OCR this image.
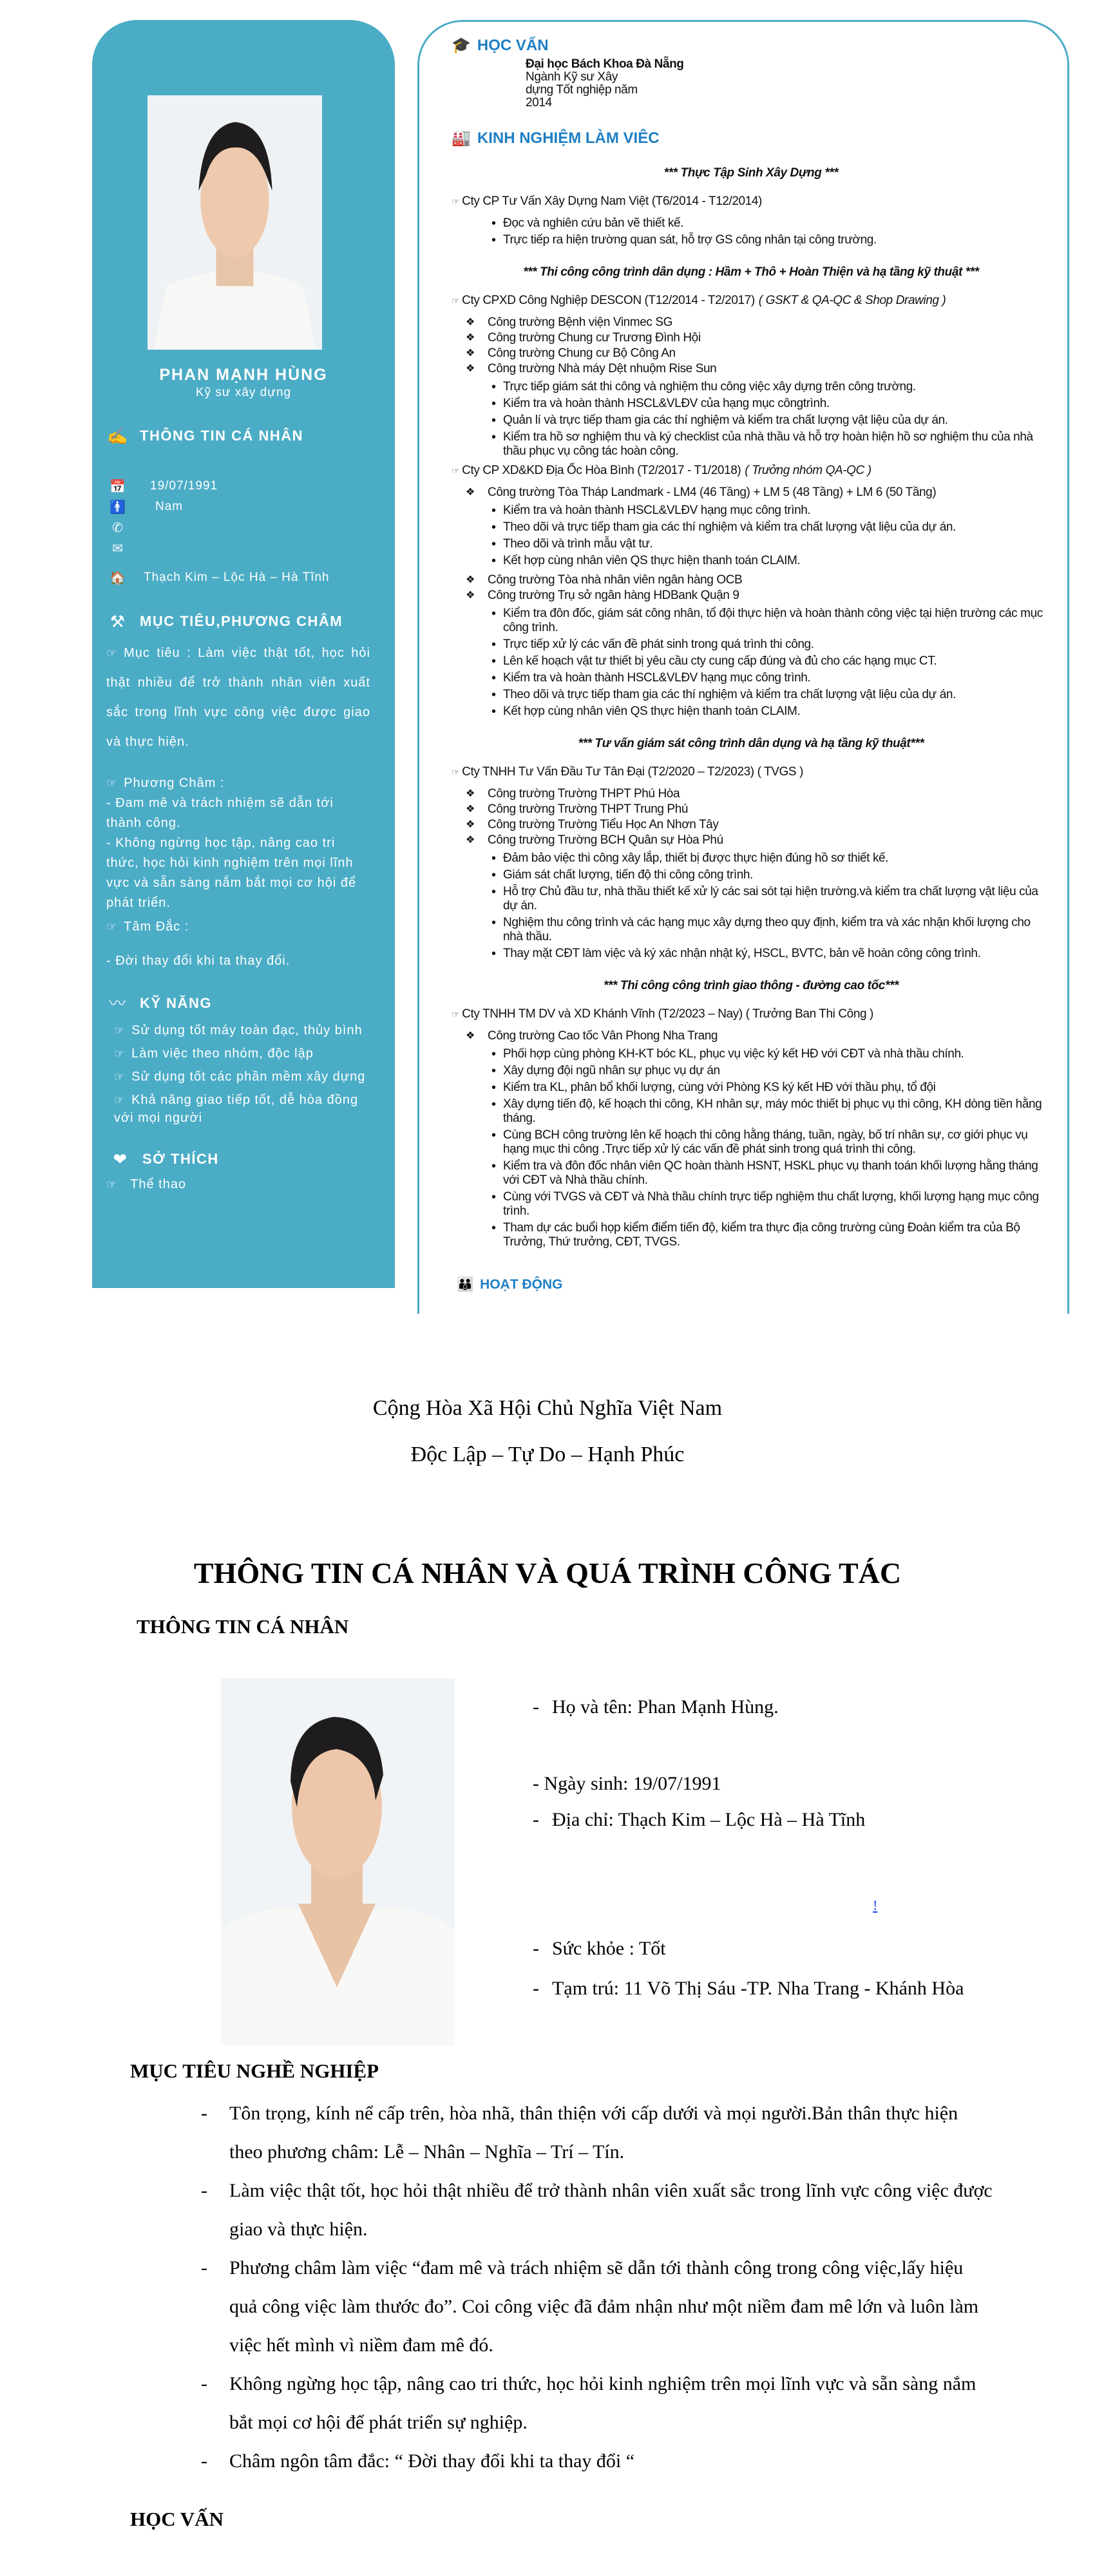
PHAN MẠNH HÙNG
Kỹ sư xây dựng
✍ THÔNG TIN CÁ NHÂN
📅	19/07/1991
🚹	Nam
✆
✉
🏠	Thạch Kim – Lộc Hà – Hà Tĩnh
⚒ MỤC TIÊU,PHƯƠNG CHÂM

☞ Mục tiêu : Làm việc thật tốt, học hỏi thật nhiều để trở thành nhân viên xuất sắc trong lĩnh vực công việc được giao và thực hiện.

☞ Phương Châm :

- Đam mê và trách nhiệm sẽ dẫn tới thành công.

- Không ngừng học tập, nâng cao tri thức, học hỏi kinh nghiệm trên mọi lĩnh vực và sẵn sàng nắm bắt mọi cơ hội để phát triển.

☞ Tâm Đắc :

- Đời thay đổi khi ta thay đổi.

〰 KỸ NĂNG

☞ Sử dụng tốt máy toàn đạc, thủy bình

☞ Làm việc theo nhóm, độc lập

☞ Sử dụng tốt các phần mềm xây dựng

☞ Khả năng giao tiếp tốt, dễ hòa đồng với mọi người

❤	SỞ THÍCH
☞ Thể thao
🎓 HỌC VẤN
Đại học Bách Khoa Đà Nẵng
Ngành Kỹ sư Xây
dựng Tốt nghiệp năm
2014
🏭 KINH NGHIỆM LÀM VIÊC
*** Thực Tập Sinh Xây Dựng ***
☞ Cty CP Tư Vấn Xây Dựng Nam Việt (T6/2014 - T12/2014)
• Đọc và nghiên cứu bản vẽ thiết kế.
• Trực tiếp ra hiện trường quan sát, hỗ trợ GS công nhân tại công trường.
*** Thi công công trình dân dụng : Hầm + Thô + Hoàn Thiện và hạ tầng kỹ thuật ***
☞ Cty CPXD Công Nghiệp DESCON (T12/2014 - T2/2017) ( GSKT & QA-QC & Shop Drawing )
❖	Công trường Bệnh viện Vinmec SG
❖	Công trường Chung cư Trương Đình Hội
❖	Công trường Chung cư Bộ Công An
❖	Công trường Nhà máy Dệt nhuộm Rise Sun
• Trực tiếp giám sát thi công và nghiệm thu công việc xây dựng trên công trường.
• Kiểm tra và hoàn thành HSCL&VLĐV của hạng mục côngtrình.
• Quản lí và trực tiếp tham gia các thí nghiệm và kiểm tra chất lượng vật liệu của dự án.
• Kiểm tra hồ sơ nghiệm thu và ký checklist của nhà thầu và hỗ trợ hoàn hiện hồ sơ nghiệm thu của nhà thầu phục vụ công tác hoàn công.
☞ Cty CP XD&KD Địa Ốc Hòa Bình (T2/2017 - T1/2018) ( Trưởng nhóm QA-QC )
❖	Công trường Tòa Tháp Landmark - LM4 (46 Tầng) + LM 5 (48 Tầng) + LM 6 (50 Tầng)
• Kiểm tra và hoàn thành HSCL&VLĐV hạng mục công trình.
• Theo dõi và trực tiếp tham gia các thí nghiệm và kiểm tra chất lượng vật liệu của dự án.
• Theo dõi và trình mẫu vật tư.
• Kết hợp cùng nhân viên QS thực hiện thanh toán CLAIM.
❖	Công trường Tòa nhà nhân viên ngân hàng OCB
❖	Công trường Trụ sở ngân hàng HDBank Quận 9
• Kiểm tra đôn đốc, giám sát công nhân, tổ đội thực hiện và hoàn thành công việc tại hiện trường các mục công trình.
• Trực tiếp xử lý các vấn đề phát sinh trong quá trình thi công.
• Lên kế hoạch vật tư thiết bị yêu cầu cty cung cấp đúng và đủ cho các hạng mục CT.
• Kiểm tra và hoàn thành HSCL&VLĐV hạng mục công trình.
• Theo dõi và trực tiếp tham gia các thí nghiệm và kiểm tra chất lượng vật liệu của dự án.
• Kết hợp cùng nhân viên QS thực hiện thanh toán CLAIM.
*** Tư vấn giám sát công trình dân dụng và hạ tầng kỹ thuật***
☞ Cty TNHH Tư Vấn Đầu Tư Tân Đại (T2/2020 – T2/2023) ( TVGS )
❖	Công trường Trường THPT Phú Hòa
❖	Công trường Trường THPT Trung Phú
❖	Công trường Trường Tiểu Học An Nhơn Tây
❖	Công trường Trường BCH Quân sự Hòa Phú
• Đảm bảo việc thi công xây lắp, thiết bị được thực hiện đúng hồ sơ thiết kế.
• Giám sát chất lượng, tiến độ thi công công trình.
• Hỗ trợ Chủ đầu tư, nhà thầu thiết kế xử lý các sai sót tại hiện trường.và kiểm tra chất lượng vật liệu của dự án.
• Nghiệm thu công trình và các hạng mục xây dựng theo quy định, kiểm tra và xác nhận khối lượng cho nhà thầu.
• Thay mặt CĐT làm việc và ký xác nhận nhật ký, HSCL, BVTC, bản vẽ hoàn công công trình.
*** Thi công công trình giao thông - đường cao tốc***
☞ Cty TNHH TM DV và XD Khánh Vĩnh (T2/2023 – Nay) ( Trưởng Ban Thi Công )
❖	Công trường Cao tốc Vân Phong Nha Trang
• Phối hợp cùng phòng KH-KT bóc KL, phục vụ việc ký kết HĐ với CĐT và nhà thầu chính.
• Xây dựng đội ngũ nhân sự phục vụ dự án
• Kiểm tra KL, phân bổ khối lượng, cùng với Phòng KS ký kết HĐ với thầu phụ, tổ đội
• Xây dựng tiến độ, kế hoạch thi công, KH nhân sự, máy móc thiết bị phục vụ thi công, KH dòng tiền hằng tháng.
• Cùng BCH công trường lên kế hoạch thi công hằng tháng, tuần, ngày, bố trí nhân sự, cơ giới phục vụ hạng mục thi công .Trực tiếp xử lý các vấn đề phát sinh trong quá trình thi công.
• Kiểm tra và đôn đốc nhân viên QC hoàn thành HSNT, HSKL phục vụ thanh toán khối lượng hằng tháng với CĐT và Nhà thầu chính.
• Cùng với TVGS và CĐT và Nhà thầu chính trực tiếp nghiệm thu chất lượng, khối lượng hạng mục công trình.
• Tham dự các buổi họp kiểm điểm tiến độ, kiểm tra thực địa công trường cùng Đoàn kiểm tra của Bộ Trưởng, Thứ trưởng, CĐT, TVGS.
👪 HOẠT ĐỘNG
Cộng Hòa Xã Hội Chủ Nghĩa Việt Nam
Độc Lập – Tự Do – Hạnh Phúc
THÔNG TIN CÁ NHÂN VÀ QUÁ TRÌNH CÔNG TÁC
THÔNG TIN CÁ NHÂN
- Họ và tên: Phan Mạnh Hùng.
- Ngày sinh: 19/07/1991
- Địa chỉ: Thạch Kim – Lộc Hà – Hà Tĩnh
!
- Sức khỏe : Tốt
- Tạm trú: 11 Võ Thị Sáu -TP. Nha Trang - Khánh Hòa
MỤC TIÊU NGHỀ NGHIỆP
-	Tôn trọng, kính nể cấp trên, hòa nhã, thân thiện với cấp dưới và mọi người.Bản thân thực hiện theo phương châm: Lễ – Nhân – Nghĩa – Trí – Tín.
-	Làm việc thật tốt, học hỏi thật nhiều để trở thành nhân viên xuất sắc trong lĩnh vực công việc được giao và thực hiện.
-	Phương châm làm việc “đam mê và trách nhiệm sẽ dẫn tới thành công trong công việc,lấy hiệu quả công việc làm thước đo”. Coi công việc đã đảm nhận như một niềm đam mê lớn và luôn làm việc hết mình vì niềm đam mê đó.
-	Không ngừng học tập, nâng cao tri thức, học hỏi kinh nghiệm trên mọi lĩnh vực và sẵn sàng nắm bắt mọi cơ hội để phát triển sự nghiệp.
-	Châm ngôn tâm đắc: “ Đời thay đổi khi ta thay đổi “
HỌC VẤN
